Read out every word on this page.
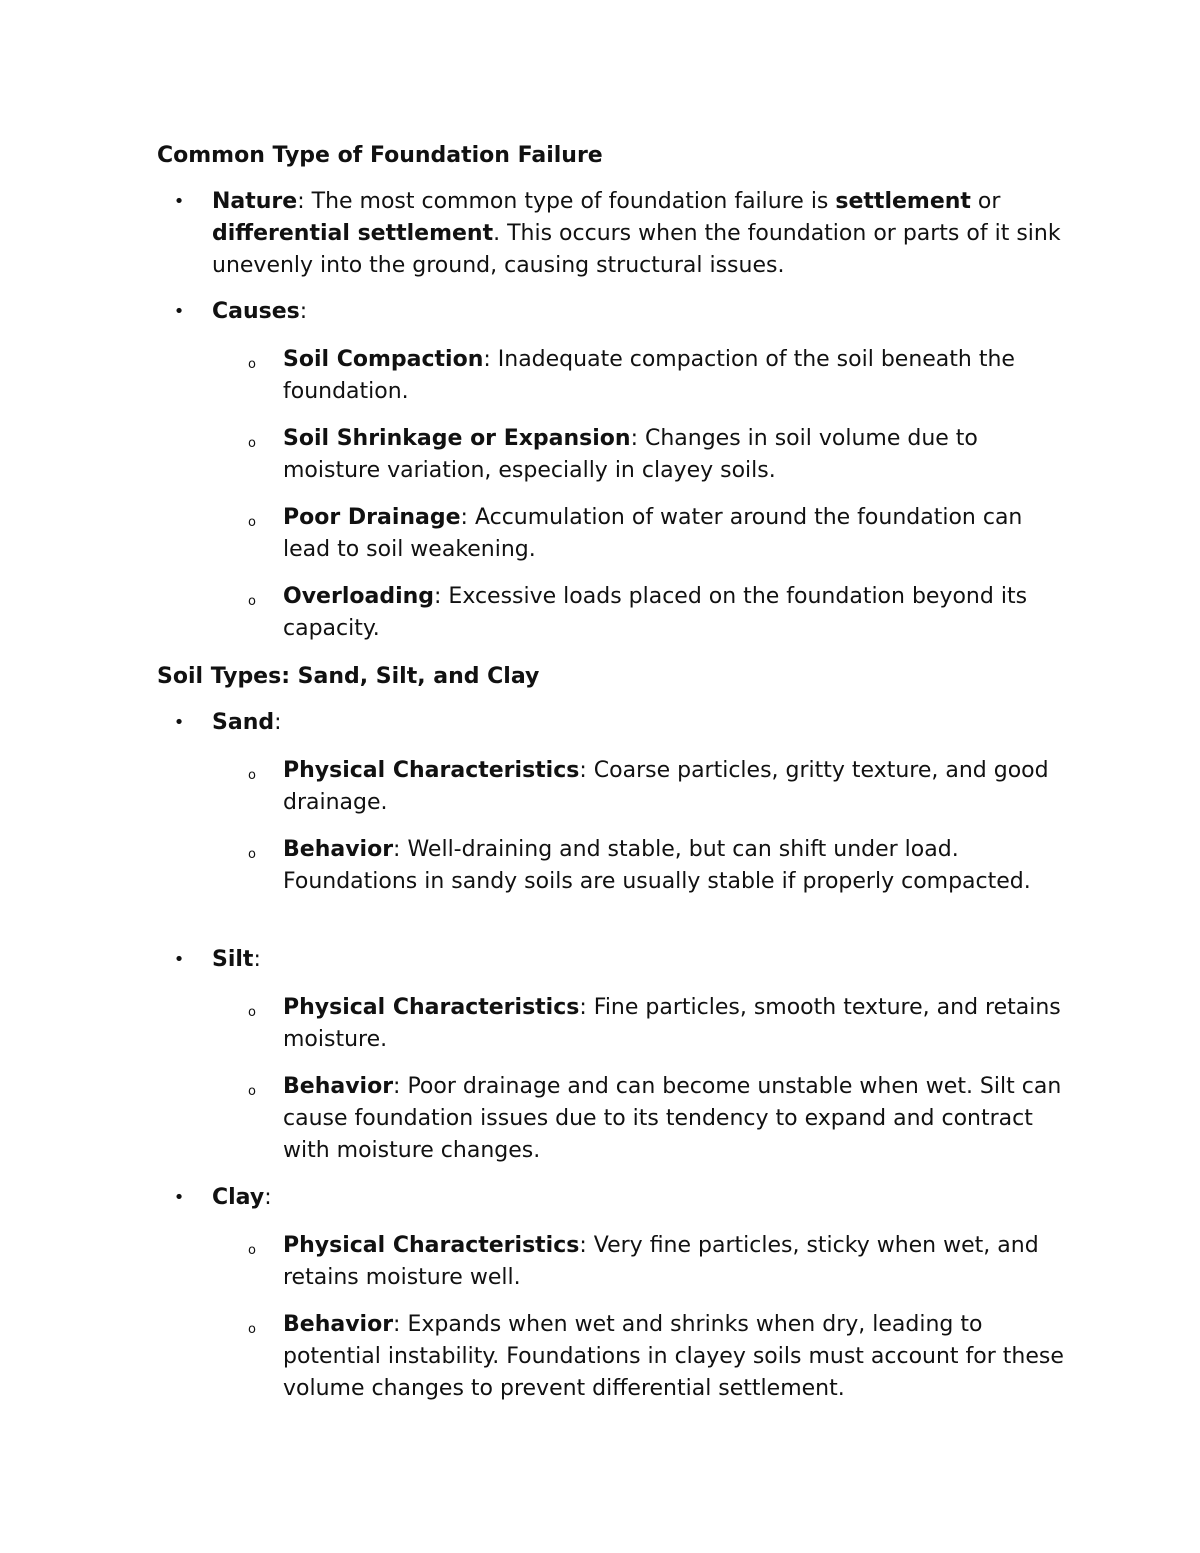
Common Type of Foundation Failure
• Nature: The most common type of foundation failure is settlement or differential settlement. This occurs when the foundation or parts of it sink unevenly into the ground, causing structural issues.
• Causes:
o Soil Compaction: Inadequate compaction of the soil beneath the foundation.
o Soil Shrinkage or Expansion: Changes in soil volume due to moisture variation, especially in clayey soils.
o Poor Drainage: Accumulation of water around the foundation can lead to soil weakening.
o Overloading: Excessive loads placed on the foundation beyond its capacity.
Soil Types: Sand, Silt, and Clay
• Sand:
o Physical Characteristics: Coarse particles, gritty texture, and good drainage.
o Behavior: Well-draining and stable, but can shift under load. Foundations in sandy soils are usually stable if properly compacted.
• Silt:
o Physical Characteristics: Fine particles, smooth texture, and retains moisture.
o Behavior: Poor drainage and can become unstable when wet. Silt can cause foundation issues due to its tendency to expand and contract with moisture changes.
• Clay:
o Physical Characteristics: Very fine particles, sticky when wet, and retains moisture well.
o Behavior: Expands when wet and shrinks when dry, leading to potential instability. Foundations in clayey soils must account for these volume changes to prevent differential settlement.
